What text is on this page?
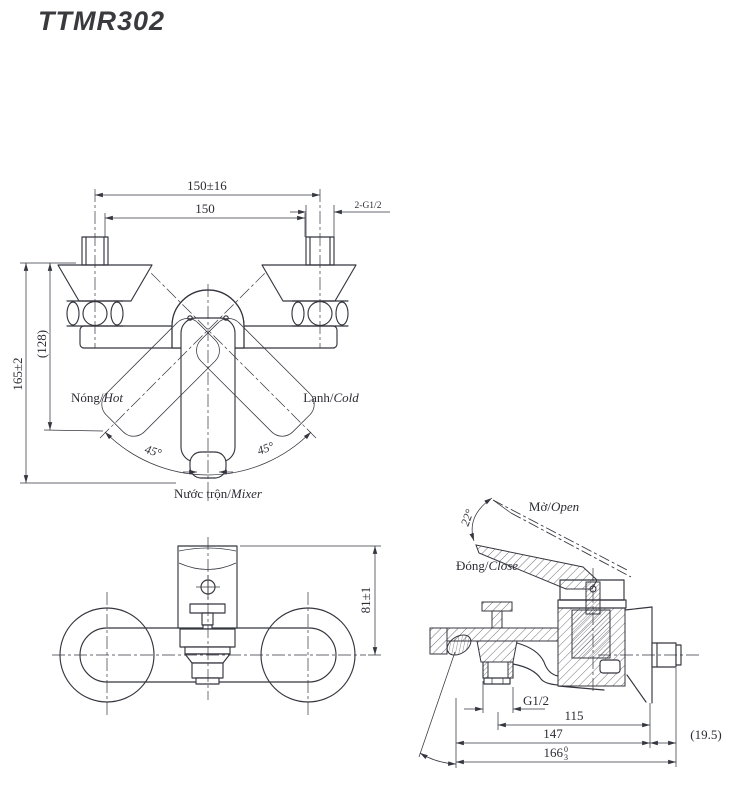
TTMR302
150±16
150	2-G1/2
45°	45°
165±2
(128)
Nóng/Hot	Lạnh/Cold
Nước trộn/Mixer
81±1
22°
Mở/Open
Đóng/Close
G1/2
115
147	(19.5)
166 0
3
